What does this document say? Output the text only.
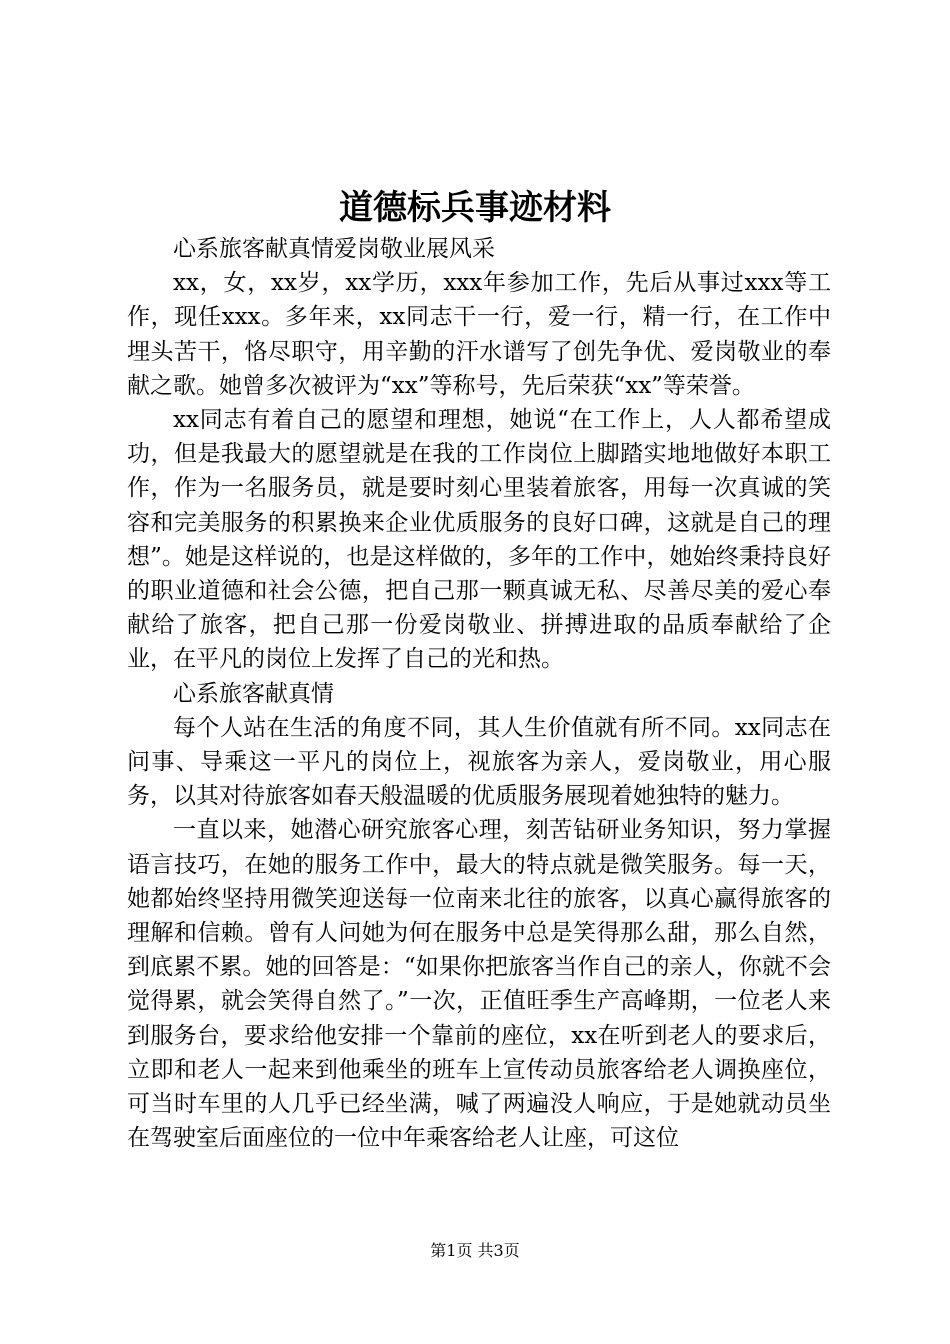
道德标兵事迹材料

心系旅客献真情爱岗敬业展风采

xx，女，xx岁，xx学历，xxx年参加工作，先后从事过xxx等工作，现任xxx。多年来，xx同志干一行，爱一行，精一行，在工作中埋头苦干，恪尽职守，用辛勤的汗水谱写了创先争优、爱岗敬业的奉献之歌。她曾多次被评为“xx”等称号，先后荣获“xx”等荣誉。

xx同志有着自己的愿望和理想，她说“在工作上，人人都希望成功，但是我最大的愿望就是在我的工作岗位上脚踏实地地做好本职工作，作为一名服务员，就是要时刻心里装着旅客，用每一次真诚的笑容和完美服务的积累换来企业优质服务的良好口碑，这就是自己的理想”。她是这样说的，也是这样做的，多年的工作中，她始终秉持良好的职业道德和社会公德，把自己那一颗真诚无私、尽善尽美的爱心奉献给了旅客，把自己那一份爱岗敬业、拼搏进取的品质奉献给了企业，在平凡的岗位上发挥了自己的光和热。

心系旅客献真情

每个人站在生活的角度不同，其人生价值就有所不同。xx同志在问事、导乘这一平凡的岗位上，视旅客为亲人，爱岗敬业，用心服务，以其对待旅客如春天般温暖的优质服务展现着她独特的魅力。

一直以来，她潜心研究旅客心理，刻苦钻研业务知识，努力掌握语言技巧，在她的服务工作中，最大的特点就是微笑服务。每一天，她都始终坚持用微笑迎送每一位南来北往的旅客，以真心赢得旅客的理解和信赖。曾有人问她为何在服务中总是笑得那么甜，那么自然，到底累不累。她的回答是：“如果你把旅客当作自己的亲人，你就不会觉得累，就会笑得自然了。”一次，正值旺季生产高峰期，一位老人来到服务台，要求给他安排一个靠前的座位，xx在听到老人的要求后，立即和老人一起来到他乘坐的班车上宣传动员旅客给老人调换座位，可当时车里的人几乎已经坐满，喊了两遍没人响应，于是她就动员坐在驾驶室后面座位的一位中年乘客给老人让座，可这位

第1页 共3页
